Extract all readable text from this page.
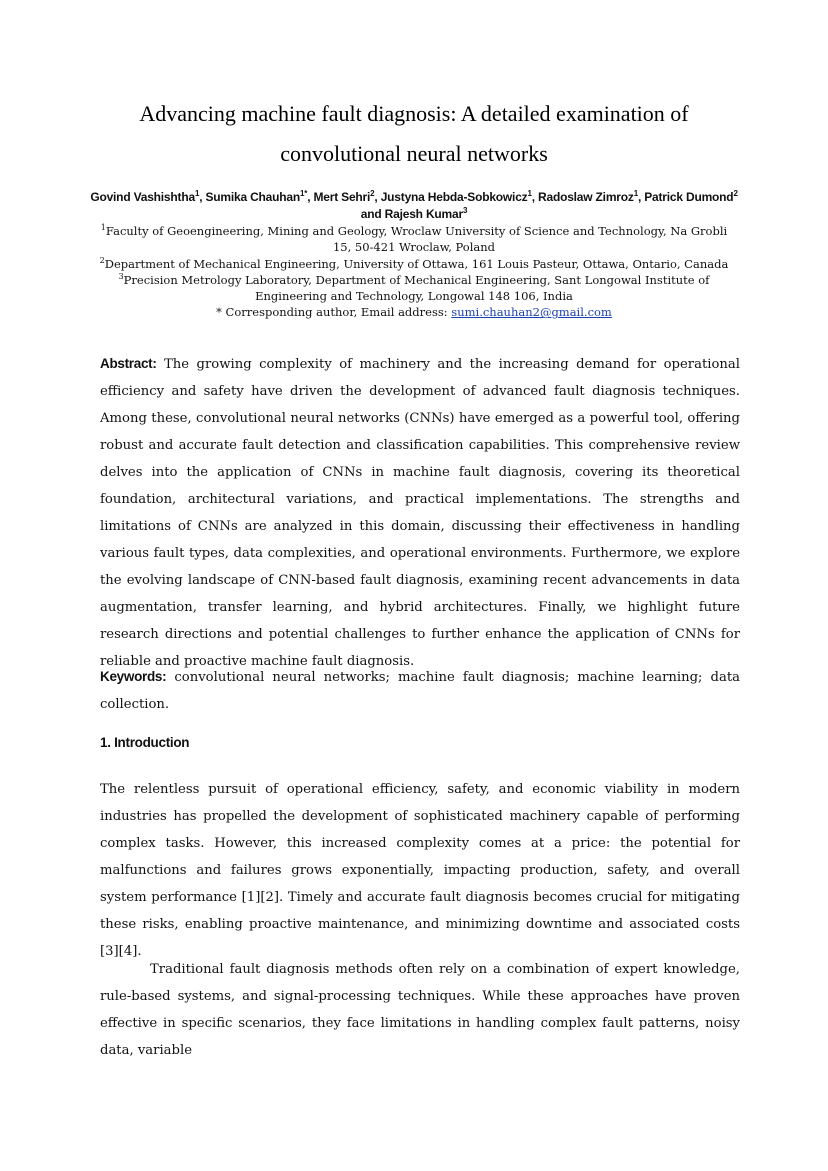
Advancing machine fault diagnosis: A detailed examination of
convolutional neural networks
Govind Vashishtha$^1$, Sumika Chauhan$^{1*}$, Mert Sehri$^2$, Justyna Hebda-Sobkowicz$^1$, Radoslaw Zimroz$^1$, Patrick Dumond$^2$ and Rajesh Kumar$^3$
$^1$Faculty of Geoengineering, Mining and Geology, Wroclaw University of Science and Technology, Na Grobli 15, 50-421 Wroclaw, Poland
$^2$Department of Mechanical Engineering, University of Ottawa, 161 Louis Pasteur, Ottawa, Ontario, Canada
$^3$Precision Metrology Laboratory, Department of Mechanical Engineering, Sant Longowal Institute of Engineering and Technology, Longowal 148 106, India
* Corresponding author, Email address: sumi.chauhan2@gmail.com
Abstract: The growing complexity of machinery and the increasing demand for operational efficiency and safety have driven the development of advanced fault diagnosis techniques. Among these, convolutional neural networks (CNNs) have emerged as a powerful tool, offering robust and accurate fault detection and classification capabilities. This comprehensive review delves into the application of CNNs in machine fault diagnosis, covering its theoretical foundation, architectural variations, and practical implementations. The strengths and limitations of CNNs are analyzed in this domain, discussing their effectiveness in handling various fault types, data complexities, and operational environments. Furthermore, we explore the evolving landscape of CNN-based fault diagnosis, examining recent advancements in data augmentation, transfer learning, and hybrid architectures. Finally, we highlight future research directions and potential challenges to further enhance the application of CNNs for reliable and proactive machine fault diagnosis.
Keywords: convolutional neural networks; machine fault diagnosis; machine learning; data collection.
1. Introduction
The relentless pursuit of operational efficiency, safety, and economic viability in modern industries has propelled the development of sophisticated machinery capable of performing complex tasks. However, this increased complexity comes at a price: the potential for malfunctions and failures grows exponentially, impacting production, safety, and overall system performance [1][2]. Timely and accurate fault diagnosis becomes crucial for mitigating these risks, enabling proactive maintenance, and minimizing downtime and associated costs [3][4].
Traditional fault diagnosis methods often rely on a combination of expert knowledge, rule-based systems, and signal-processing techniques. While these approaches have proven effective in specific scenarios, they face limitations in handling complex fault patterns, noisy data, variable
